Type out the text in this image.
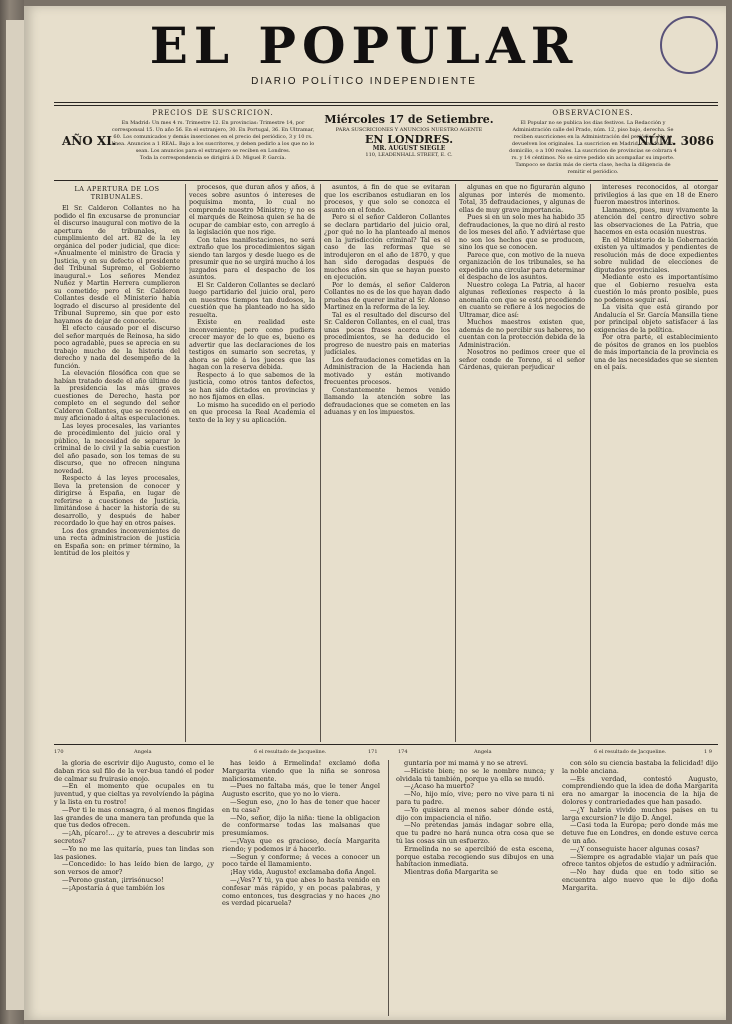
EL POPULAR
DIARIO POLÍTICO INDEPENDIENTE
AÑO XI.
PRECIOS DE SUSCRICION.
En Madrid: Un mes 4 rs. Trimestre 12. En provincias: Trimestre 14, por corresponsal 15. Un año 56. En el extranjero, 30. En Portugal, 36. En Ultramar, 60. Los comunicados y demás inserciones en el precio del periódico, 3 y 10 rs. línea. Anuncios a 1 REAL. Bajo a los suscritores, y deben pedirlo a los que no lo sean. Los anuncios para el extranjero se reciben en Londres.
Toda la correspondencia se dirigirá á D. Miguel P. García.
Miércoles 17 de Setiembre.
PARA SUSCRICIONES Y ANUNCIOS NUESTRO AGENTE
EN LONDRES.
MR. AUGUST SIEGLE
110, LEADENHALL STREET, E. C.
OBSERVACIONES.
El Popular no se publica los días festivos. La Redacción y Administración calle del Prado, núm. 12, piso bajo, derecha. Se reciben suscriciones en la Administración del periódico. No se devuelven los originales. La suscricion en Madrid, cuando sea a domicilio, o a 100 reales. La suscricion de provincias se cobrara 4 rs. y 14 céntimos. No se sirve pedido sin acompañar su importe. Tampoco se darán más de cierta clase, hecha la diligencia de remitir el periódico.
NÚM. 3086
LA APERTURA DE LOS TRIBUNALES.

El Sr. Calderon Collantes no ha podido el fin excusarse de pronunciar el discurso inaugural con motivo de la apertura de tribunales, en cumplimiento del art. 82 de la ley orgánica del poder judicial, que dice: «Anualmente el ministro de Gracia y Justicia, y en su defecto el presidente del Tribunal Supremo, el Gobierno inaugural.» Los señores Mendez Nuñez y Martin Herrera cumplieron su cometido; pero el Sr. Calderon Collantes desde el Ministerio había logrado el discurso al presidente del Tribunal Supremo, sin que por esto hayamos de dejar de conocerle.

El efecto causado por el discurso del señor marqués de Reinosa, ha sido poco agradable, pues se aprecia en su trabajo mucho de la historia del derecho y nada del desempeño de la función.

La elevación filosófica con que se habían tratado desde el año último de la presidencia las más graves cuestiones de Derecho, hasta por completo en el segundo del señor Calderon Collantes, que se recordó en muy aficionado á altas especulaciones.

Las leyes procesales, las variantes de procedimiento del juicio oral y público, la necesidad de separar lo criminal de lo civil y la sabia cuestion del año pasado, son los temas de su discurso, que no ofrecen ninguna novedad.

Respecto á las leyes procesales, lleva la pretension de conocer y dirigirse á España, en lugar de referirse a cuestiones de Justicia, limitándose á hacer la historia de su desarrollo, y después de haber recordado lo que hay en otros países.

Los dos grandes inconvenientes de una recta administracion de justicia en España son: en primer término, la lentitud de los pleitos y

procesos, que duran años y años, á veces sobre asuntos ó intereses de poquísima monta, lo cual no comprende nuestro Ministro; y no es el marqués de Reinosa quien se ha de ocupar de cambiar esto, con arreglo á la legislación que nos rige.

Con tales manifestaciones, no será extraño que los procedimientos sigan siendo tan largos y desde luego es de presumir que no se urgirá mucho á los juzgados para el despacho de los asuntos.

El Sr. Calderon Collantes se declaró luego partidario del juicio oral, pero en nuestros tiempos tan dudosos, la cuestión que ha planteado no ha sido resuelta.

Existe en realidad este inconveniente; pero como pudiera crecer mayor de lo que es, bueno es advertir que las declaraciones de los testigos en sumario son secretas, y ahora se pide á los jueces que las hagan con la reserva debida.

Respecto á lo que sabemos de la justicia, como otros tantos defectos, se han sido dictados en provincias y no nos fijamos en ellas.

Lo mismo ha sucedido en el periodo en que procesa la Real Academia el texto de la ley y su aplicación.

asuntos, á fin de que se evitaran que los escribanos estudiaran en los procesos, y que solo se conozca el asunto en el fondo.

Pero si el señor Calderon Collantes se declara partidario del juicio oral, ¿por qué no lo ha planteado al menos en la jurisdicción criminal? Tal es el caso de las reformas que se introdujeron en el año de 1870, y que han sido derogadas después de muchos años sin que se hayan puesto en ejecución.

Por lo demás, el señor Calderon Collantes no es de los que hayan dado pruebas de querer imitar al Sr. Alonso Martinez en la reforma de la ley.

Tal es el resultado del discurso del Sr. Calderon Collantes, en el cual, tras unas pocas frases acerca de los procedimientos, se ha deducido el progreso de nuestro pais en materias judiciales.

Los defraudaciones cometidas en la Administracion de la Hacienda han motivado y están motivando frecuentes procesos.

Constantemente hemos venido llamando la atención sobre las defraudaciones que se cometen en las aduanas y en los impuestos.

algunas en que no figurarán alguno algunas por interés de momento. Total, 35 defraudaciones, y algunas de ellas de muy grave importancia.

Pues si en un solo mes ha habido 35 defraudaciones, la que no dirá al resto de los meses del año. Y adviértase que no son los hechos que se producen, sino los que se conocen.

Parece que, con motivo de la nueva organización de los tribunales, se ha expedido una circular para determinar el despacho de los asuntos.

Nuestro colega La Patria, al hacer algunas reflexiones respecto á la anomalía con que se está procediendo en cuanto se refiere á los negocios de Ultramar, dice así:

Muchos maestros existen que, además de no percibir sus haberes, no cuentan con la protección debida de la Administración.

Nosotros no pedimos creer que el señor conde de Toreno, si el señor Cárdenas, quieran perjudicar

intereses reconocidos, al otorgar privilegios á las que en 18 de Enero fueron maestros interinos.

Llamamos, pues, muy vivamente la atención del centro directivo sobre las observaciones de La Patria, que hacemos en esta ocasión nuestras.

En el Ministerio de la Gobernación existen ya ultimados y pendientes de resolución más de doce expedientes sobre nulidad de elecciones de diputados provinciales.

Mediante esto es importantísimo que el Gobierno resuelva esta cuestión lo más pronto posible, pues no podemos seguir así.

La visita que está girando por Andalucía el Sr. García Mansilla tiene por principal objeto satisfacer á las exigencias de la política.

Por otra parte, el establecimiento de pósitos de granos en los pueblos de más importancia de la provincia es una de las necesidades que se sienten en el país.

170	Angela	6 el resultado de Jacqueline.	171	174	Angela	6 el resultado de Jacqueline.	1 9

la gloria de escrivir dijo Augusto, como el le daban rica sul filo de la ver-bua tandó el poder de calmar su fruirasio enojo.

—En el momento que ocupales en tu juventud, y que cieltas ya revolvíendo la página y la lista en tu rostro!

—Por ti le mas consagra, ó al menos fingidas las grandes de una manera tan profunda que la que tus dedos ofrecen.

—¡Ah, pícaro!... ¿y te atreves a descubrir mis secretos?

—Yo no me las quitaría, pues tan lindas son las pasiones.

—Concedido: lo has leído bien de largo, ¿y son versos de amor?

—Perono gustan, ¡irrisónucso!

—¡Apostaría á que también los

has leido á Ermelinda! exclamó doña Margarita viendo que la niña se sonrosa maliciosamente.

—Pues no faltaba más, que le tener Ángel Augusto escrito, que yo no lo viera.

—Segun eso, ¿no lo has de tener que hacer en tu casa?

—No, señor, dijo la niña: tiene la obligacion de conformarse todas las malsanas que presumíamos.

—¡Vaya que es gracioso, decía Margarita riendo; y podemos ir á hacerlo.

—Segun y conforme; á veces a conocer un poco tarde el llamamiento.

¡Hay vida, Augusto! exclamaba doña Ángel.

—¿Ves? Y tú, ya que abes lo hasta venido en confesar más rápido, y en pocas palabras, y como entonces, tus desgracias y no haces ¿no es verdad picaruela?

guntaría por mi mamá y no se atreví.

—Hiciste bien; no se le nombre nunca; y olvidala tú también, porque ya ella se mudó.

—¿Acaso ha muerto?

—No, hijo mío, vive; pero no vive para ti ni para tu padre.

—Yo quisiera al menos saber dónde está, dijo con impaciencia el niño.

—No pretendas jamás indagar sobre ella, que tu padre no hará nunca otra cosa que se tú las cosas sin un esfuerzo.

Ermelinda no se apercibió de esta escena, porque estaba recogiendo sus dibujos en una habitacion inmediata.

Mientras doña Margarita se

con sólo su ciencia bastaba la felicidad! dijo la noble anciana.

—Es verdad, contestó Augusto, comprendiendo que la idea de doña Margarita era no amargar la inocencia de la hija de dolores y contrariedades que han pasado.

—¿Y habría vivido muchos países en tu larga excursion? le dijo D. Ángel.

—Casi toda la Europa; pero donde más me detuve fue en Londres, en donde estuve cerca de un año.

—¿Y conseguiste hacer algunas cosas?

—Siempre es agradable viajar un país que ofrece tantos objetos de estudio y admiración.

—No hay duda que en todo sitio se encuentra algo nuevo que le dijo doña Margarita.
